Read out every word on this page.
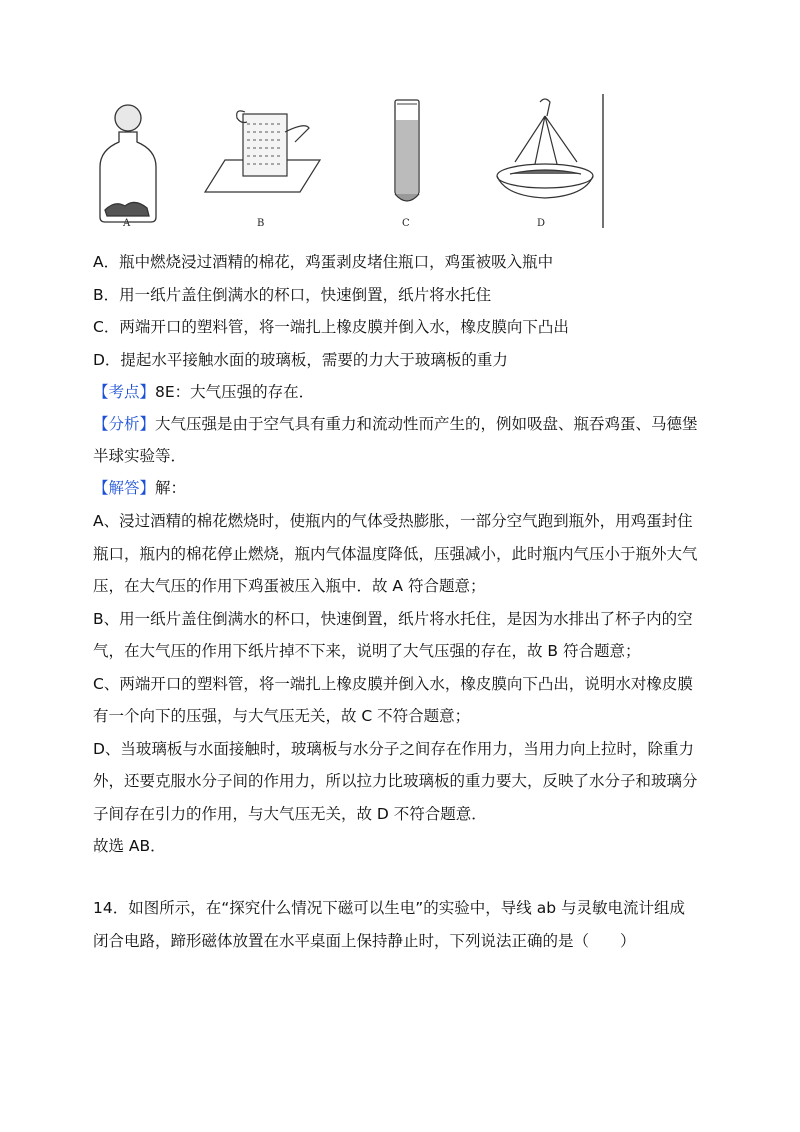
A	B	C	D
A．瓶中燃烧浸过酒精的棉花，鸡蛋剥皮堵住瓶口，鸡蛋被吸入瓶中
B．用一纸片盖住倒满水的杯口，快速倒置，纸片将水托住
C．两端开口的塑料管，将一端扎上橡皮膜并倒入水，橡皮膜向下凸出
D．提起水平接触水面的玻璃板，需要的力大于玻璃板的重力
【考点】8E：大气压强的存在．
【分析】大气压强是由于空气具有重力和流动性而产生的，例如吸盘、瓶吞鸡蛋、马德堡
半球实验等．
【解答】解：
A、浸过酒精的棉花燃烧时，使瓶内的气体受热膨胀，一部分空气跑到瓶外，用鸡蛋封住
瓶口，瓶内的棉花停止燃烧，瓶内气体温度降低，压强减小，此时瓶内气压小于瓶外大气
压，在大气压的作用下鸡蛋被压入瓶中．故 A 符合题意；
B、用一纸片盖住倒满水的杯口，快速倒置，纸片将水托住，是因为水排出了杯子内的空
气，在大气压的作用下纸片掉不下来，说明了大气压强的存在，故 B 符合题意；
C、两端开口的塑料管，将一端扎上橡皮膜并倒入水，橡皮膜向下凸出，说明水对橡皮膜
有一个向下的压强，与大气压无关，故 C 不符合题意；
D、当玻璃板与水面接触时，玻璃板与水分子之间存在作用力，当用力向上拉时，除重力
外，还要克服水分子间的作用力，所以拉力比玻璃板的重力要大，反映了水分子和玻璃分
子间存在引力的作用，与大气压无关，故 D 不符合题意．
故选 AB．
14．如图所示，在“探究什么情况下磁可以生电”的实验中，导线 ab 与灵敏电流计组成
闭合电路，蹄形磁体放置在水平桌面上保持静止时，下列说法正确的是（　　）
